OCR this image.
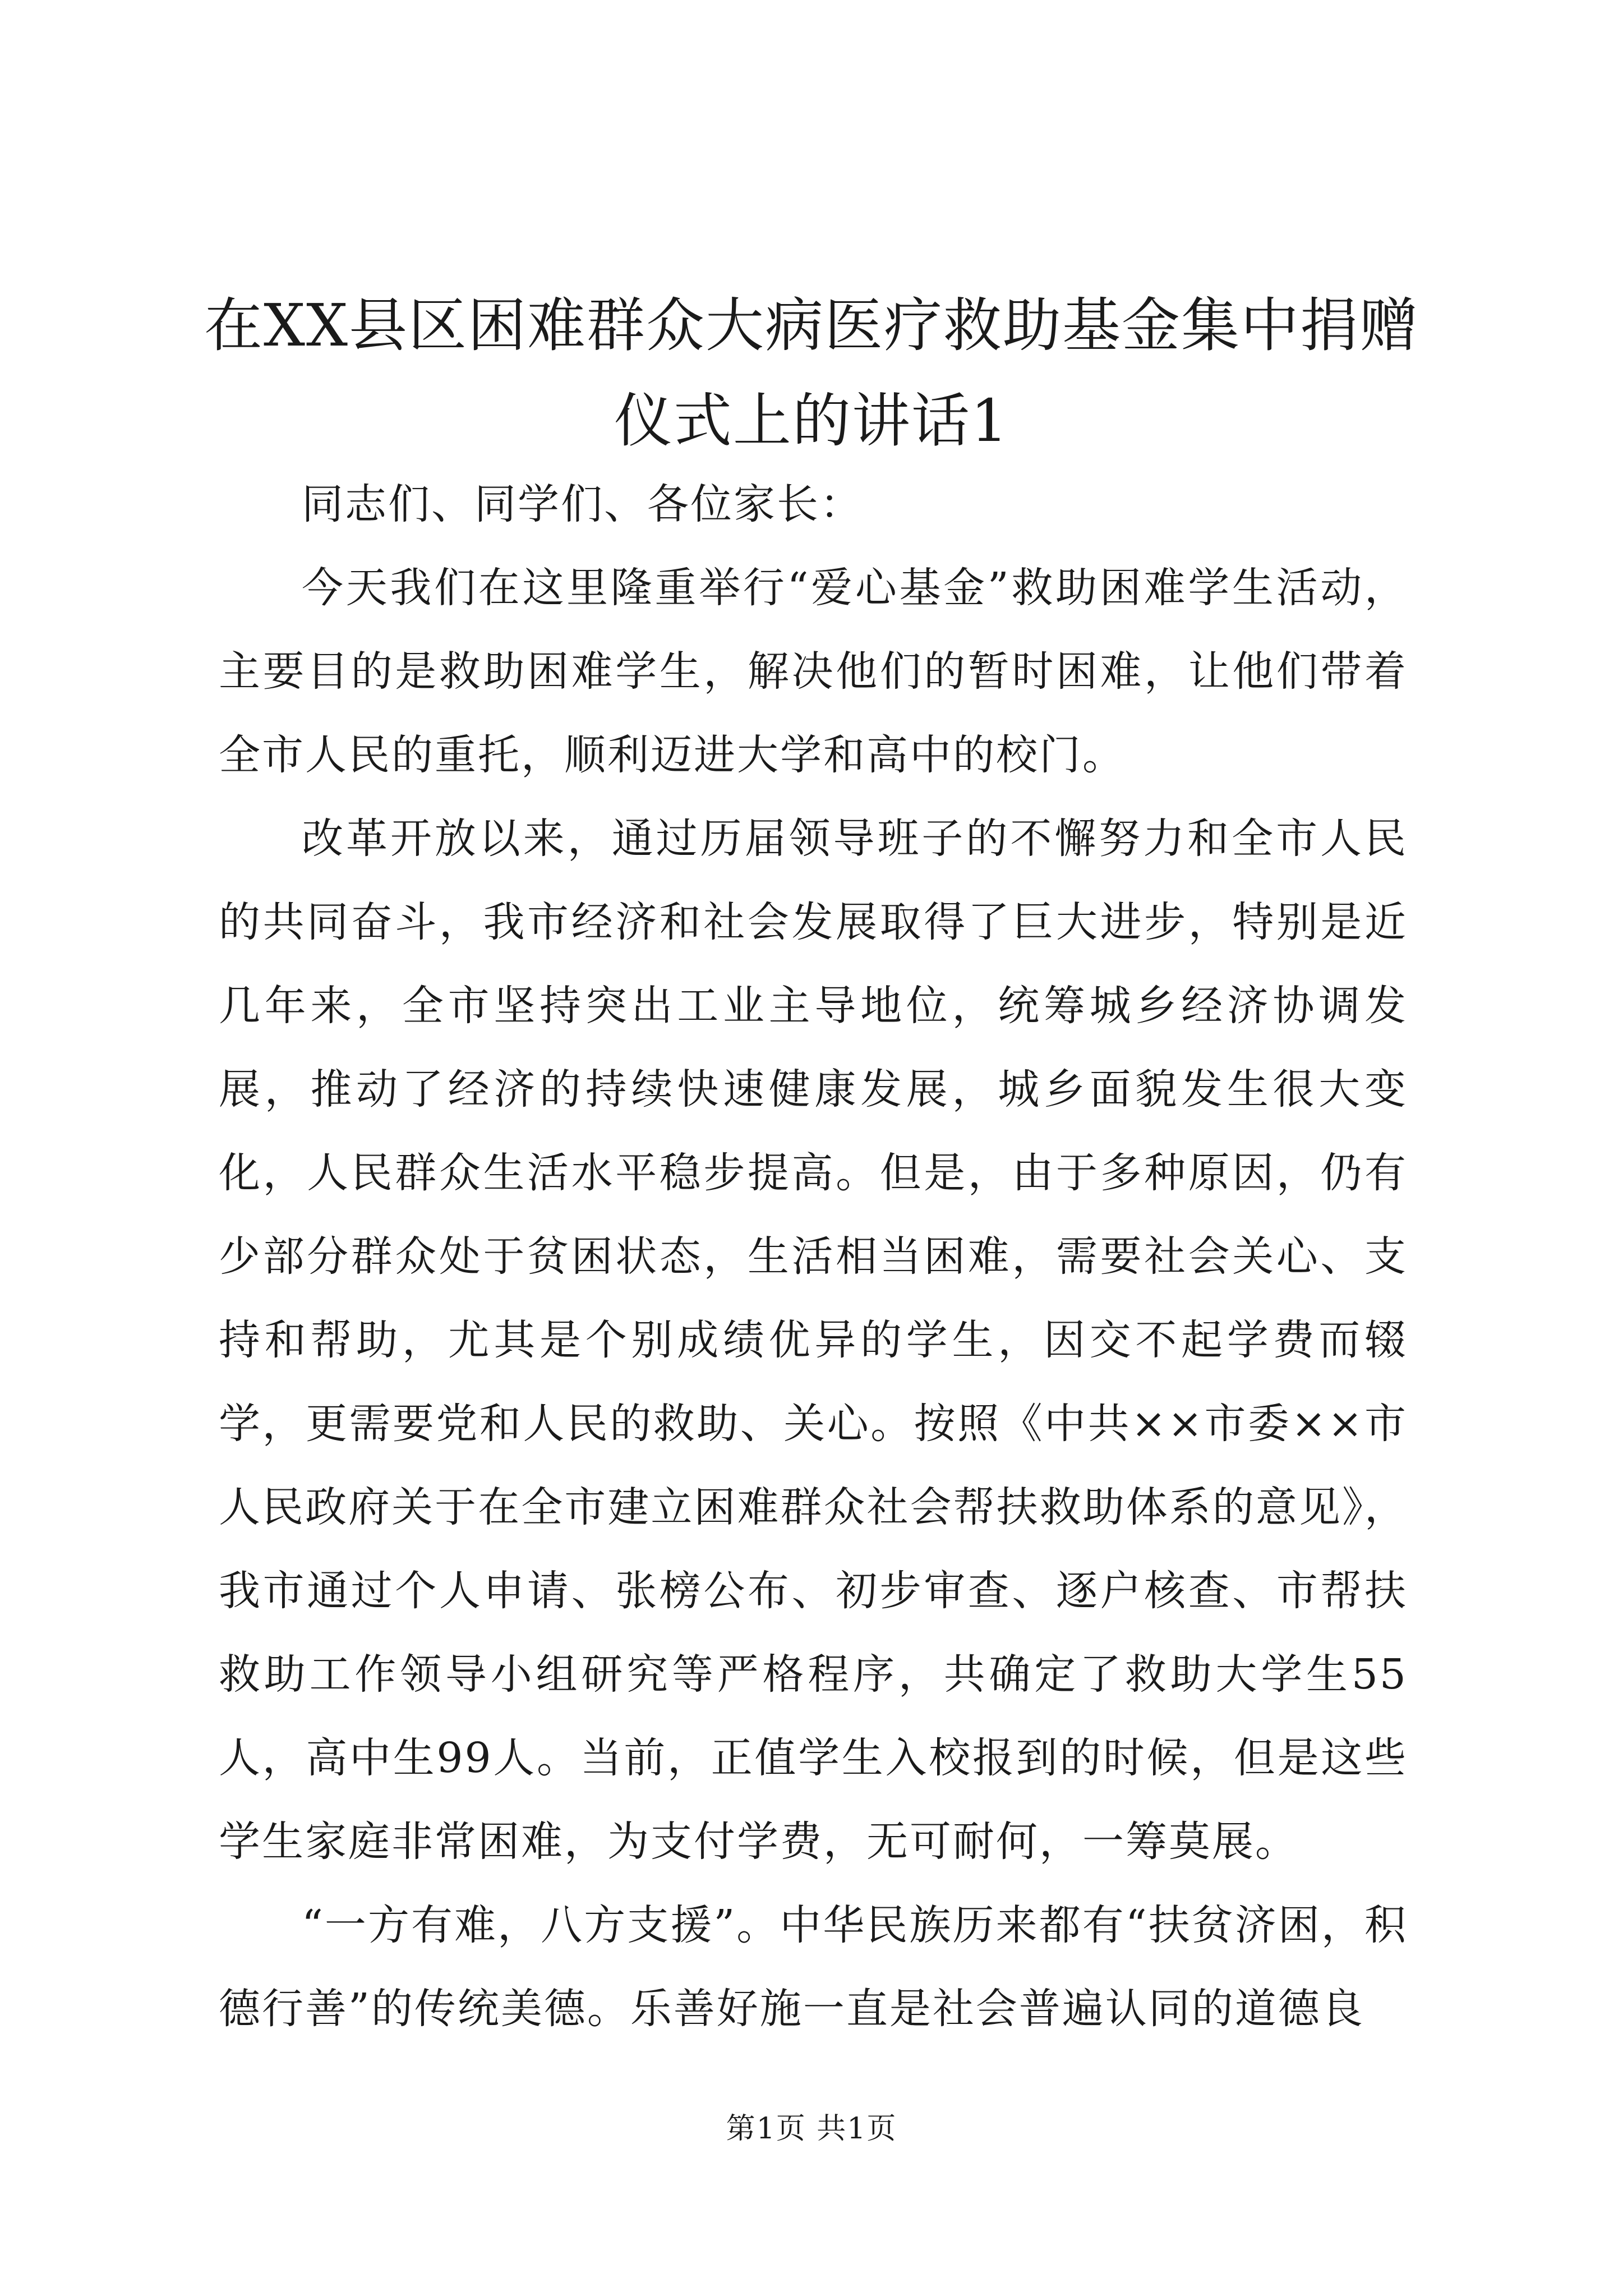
在XX县区困难群众大病医疗救助基金集中捐赠仪式上的讲话1

同志们、同学们、各位家长：

今天我们在这里隆重举行“爱心基金”救助困难学生活动，主要目的是救助困难学生，解决他们的暂时困难，让他们带着全市人民的重托，顺利迈进大学和高中的校门。

改革开放以来，通过历届领导班子的不懈努力和全市人民的共同奋斗，我市经济和社会发展取得了巨大进步，特别是近几年来，全市坚持突出工业主导地位，统筹城乡经济协调发展，推动了经济的持续快速健康发展，城乡面貌发生很大变化，人民群众生活水平稳步提高。但是，由于多种原因，仍有少部分群众处于贫困状态，生活相当困难，需要社会关心、支持和帮助，尤其是个别成绩优异的学生，因交不起学费而辍学，更需要党和人民的救助、关心。按照《中共××市委××市人民政府关于在全市建立困难群众社会帮扶救助体系的意见》，我市通过个人申请、张榜公布、初步审查、逐户核查、市帮扶救助工作领导小组研究等严格程序，共确定了救助大学生55人，高中生99人。当前，正值学生入校报到的时候，但是这些学生家庭非常困难，为支付学费，无可耐何，一筹莫展。

“一方有难，八方支援”。中华民族历来都有“扶贫济困，积德行善”的传统美德。乐善好施一直是社会普遍认同的道德良

第1页 共1页
